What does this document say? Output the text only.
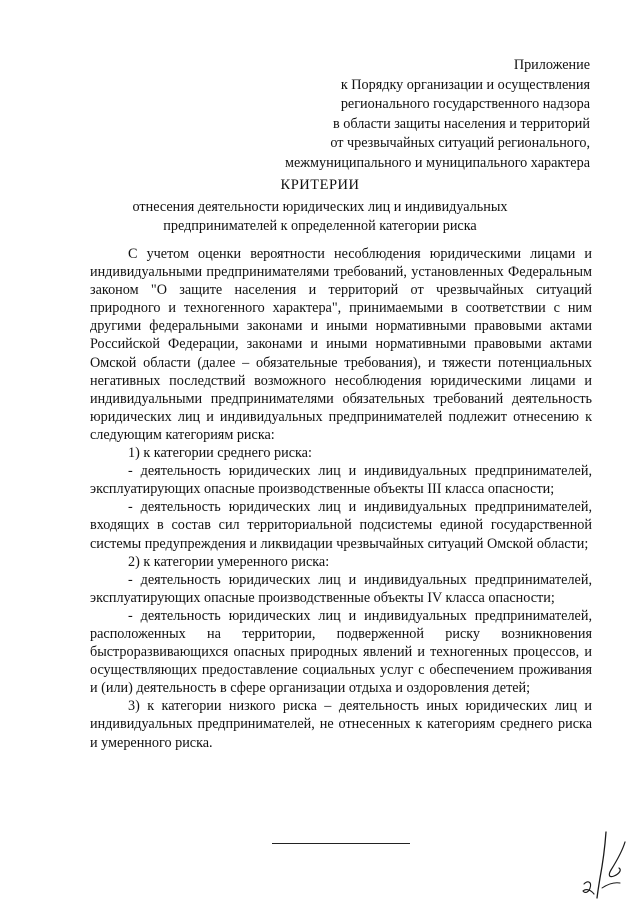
Приложение
к Порядку организации и осуществления
регионального государственного надзора
в области защиты населения и территорий
от чрезвычайных ситуаций регионального,
межмуниципального и муниципального характера
КРИТЕРИИ
отнесения деятельности юридических лиц и индивидуальных
предпринимателей к определенной категории риска

С учетом оценки вероятности несоблюдения юридическими лицами и индивидуальными предпринимателями требований, установленных Федеральным законом "О защите населения и территорий от чрезвычайных ситуаций природного и техногенного характера", принимаемыми в соответствии с ним другими федеральными законами и иными нормативными правовыми актами Российской Федерации, законами и иными нормативными правовыми актами Омской области (далее – обязательные требования), и тяжести потенциальных негативных последствий возможного несоблюдения юридическими лицами и индивидуальными предпринимателями обязательных требований деятельность юридических лиц и индивидуальных предпринимателей подлежит отнесению к следующим категориям риска:

1) к категории среднего риска:

- деятельность юридических лиц и индивидуальных предпринимателей, эксплуатирующих опасные производственные объекты III класса опасности;

- деятельность юридических лиц и индивидуальных предпринимателей, входящих в состав сил территориальной подсистемы единой государственной системы предупреждения и ликвидации чрезвычайных ситуаций Омской области;

2) к категории умеренного риска:

- деятельность юридических лиц и индивидуальных предпринимателей, эксплуатирующих опасные производственные объекты IV класса опасности;

- деятельность юридических лиц и индивидуальных предпринимателей, расположенных на территории, подверженной риску возникновения быстроразвивающихся опасных природных явлений и техногенных процессов, и осуществляющих предоставление социальных услуг с обеспечением проживания и (или) деятельность в сфере организации отдыха и оздоровления детей;

3) к категории низкого риска – деятельность иных юридических лиц и индивидуальных предпринимателей, не отнесенных к категориям среднего риска и умеренного риска.
